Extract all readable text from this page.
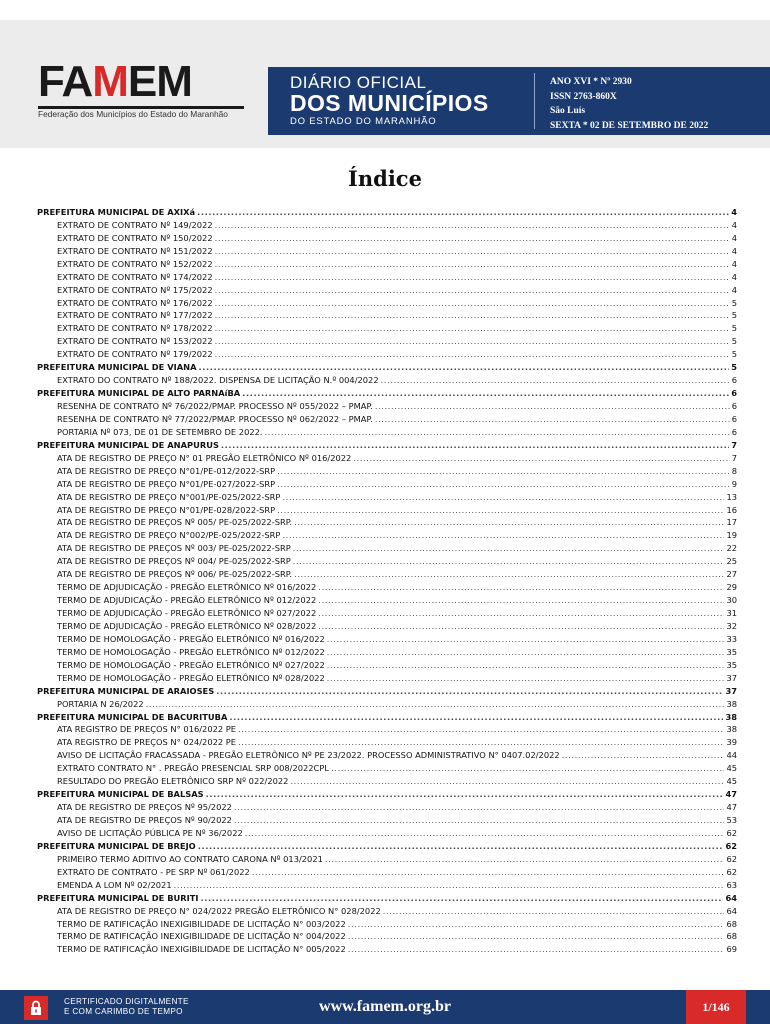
FAMEM
Federação dos Municípios do Estado do Maranhão
DIÁRIO OFICIAL
DOS MUNICÍPIOS
DO ESTADO DO MARANHÃO
ANO XVI * Nº 2930
ISSN 2763-860X
São Luís
SEXTA * 02 DE SETEMBRO DE 2022
Índice
PREFEITURA MUNICIPAL DE AXIXá .....	4
EXTRATO DE CONTRATO Nº 149/2022 .....	4
EXTRATO DE CONTRATO Nº 150/2022 .....	4
EXTRATO DE CONTRATO Nº 151/2022 .....	4
EXTRATO DE CONTRATO Nº 152/2022 .....	4
EXTRATO DE CONTRATO Nº 174/2022 .....	4
EXTRATO DE CONTRATO Nº 175/2022 .....	4
EXTRATO DE CONTRATO Nº 176/2022 .....	5
EXTRATO DE CONTRATO Nº 177/2022 .....	5
EXTRATO DE CONTRATO Nº 178/2022 .....	5
EXTRATO DE CONTRATO Nº 153/2022 .....	5
EXTRATO DE CONTRATO Nº 179/2022 .....	5
PREFEITURA MUNICIPAL DE VIANA .....	5
EXTRATO DO CONTRATO Nº 188/2022. DISPENSA DE LICITAÇÃO N.º 004/2022 .....	6
PREFEITURA MUNICIPAL DE ALTO PARNAíBA .....	6
RESENHA DE CONTRATO Nº 76/2022/PMAP. PROCESSO Nº 055/2022 – PMAP. .....	6
RESENHA DE CONTRATO Nº 77/2022/PMAP. PROCESSO Nº 062/2022 – PMAP. .....	6
PORTARIA Nº 073, DE 01 DE SETEMBRO DE 2022. .....	6
PREFEITURA MUNICIPAL DE ANAPURUS .....	7
ATA DE REGISTRO DE PREÇO N° 01 PREGÃO ELETRÔNICO Nº 016/2022 .....	7
ATA DE REGISTRO DE PREÇO N°01/PE-012/2022-SRP .....	8
ATA DE REGISTRO DE PREÇO N°01/PE-027/2022-SRP .....	9
ATA DE REGISTRO DE PREÇO N°001/PE-025/2022-SRP .....	13
ATA DE REGISTRO DE PREÇO N°01/PE-028/2022-SRP .....	16
ATA DE REGISTRO DE PREÇOS Nº 005/ PE-025/2022-SRP. .....	17
ATA DE REGISTRO DE PREÇO N°002/PE-025/2022-SRP .....	19
ATA DE REGISTRO DE PREÇOS Nº 003/ PE-025/2022-SRP .....	22
ATA DE REGISTRO DE PREÇOS Nº 004/ PE-025/2022-SRP .....	25
ATA DE REGISTRO DE PREÇOS Nº 006/ PE-025/2022-SRP. .....	27
TERMO DE ADJUDICAÇÃO - PREGÃO ELETRÔNICO Nº 016/2022 .....	29
TERMO DE ADJUDICAÇÃO - PREGÃO ELETRÔNICO Nº 012/2022 .....	30
TERMO DE ADJUDICAÇÃO - PREGÃO ELETRÔNICO Nº 027/2022 .....	31
TERMO DE ADJUDICAÇÃO - PREGÃO ELETRÔNICO Nº 028/2022 .....	32
TERMO DE HOMOLOGAÇÃO - PREGÃO ELETRÔNICO Nº 016/2022 .....	33
TERMO DE HOMOLOGAÇÃO - PREGÃO ELETRÔNICO Nº 012/2022 .....	35
TERMO DE HOMOLOGAÇÃO - PREGÃO ELETRÔNICO Nº 027/2022 .....	35
TERMO DE HOMOLOGAÇÃO - PREGÃO ELETRÔNICO Nº 028/2022 .....	37
PREFEITURA MUNICIPAL DE ARAIOSES .....	37
PORTARIA N 26/2022 .....	38
PREFEITURA MUNICIPAL DE BACURITUBA .....	38
ATA REGISTRO DE PREÇOS N° 016/2022 PE .....	38
ATA REGISTRO DE PREÇOS N° 024/2022 PE .....	39
AVISO DE LICITAÇÃO FRACASSADA - PREGÃO ELETRÔNICO Nº PE 23/2022. PROCESSO ADMINISTRATIVO N° 0407.02/2022 .....	44
EXTRATO CONTRATO N° . PREGÃO PRESENCIAL SRP 008/2022CPL .....	45
RESULTADO DO PREGÃO ELETRÔNICO SRP Nº 022/2022 .....	45
PREFEITURA MUNICIPAL DE BALSAS .....	47
ATA DE REGISTRO DE PREÇOS Nº 95/2022 .....	47
ATA DE REGISTRO DE PREÇOS Nº 90/2022 .....	53
AVISO DE LICITAÇÃO PÚBLICA PE Nº 36/2022 .....	62
PREFEITURA MUNICIPAL DE BREJO .....	62
PRIMEIRO TERMO ADITIVO AO CONTRATO CARONA Nº 013/2021 .....	62
EXTRATO DE CONTRATO - PE SRP Nº 061/2022 .....	62
EMENDA A LOM Nº 02/2021 .....	63
PREFEITURA MUNICIPAL DE BURITI .....	64
ATA DE REGISTRO DE PREÇO N° 024/2022 PREGÃO ELETRÔNICO N° 028/2022 .....	64
TERMO DE RATIFICAÇÃO INEXIGIBILIDADE DE LICITAÇÃO N° 003/2022 .....	68
TERMO DE RATIFICAÇÃO INEXIGIBILIDADE DE LICITAÇÃO N° 004/2022 .....	68
TERMO DE RATIFICAÇÃO INEXIGIBILIDADE DE LICITAÇÃO N° 005/2022 .....	69
CERTIFICADO DIGITALMENTE
E COM CARIMBO DE TEMPO	www.famem.org.br	1/146
